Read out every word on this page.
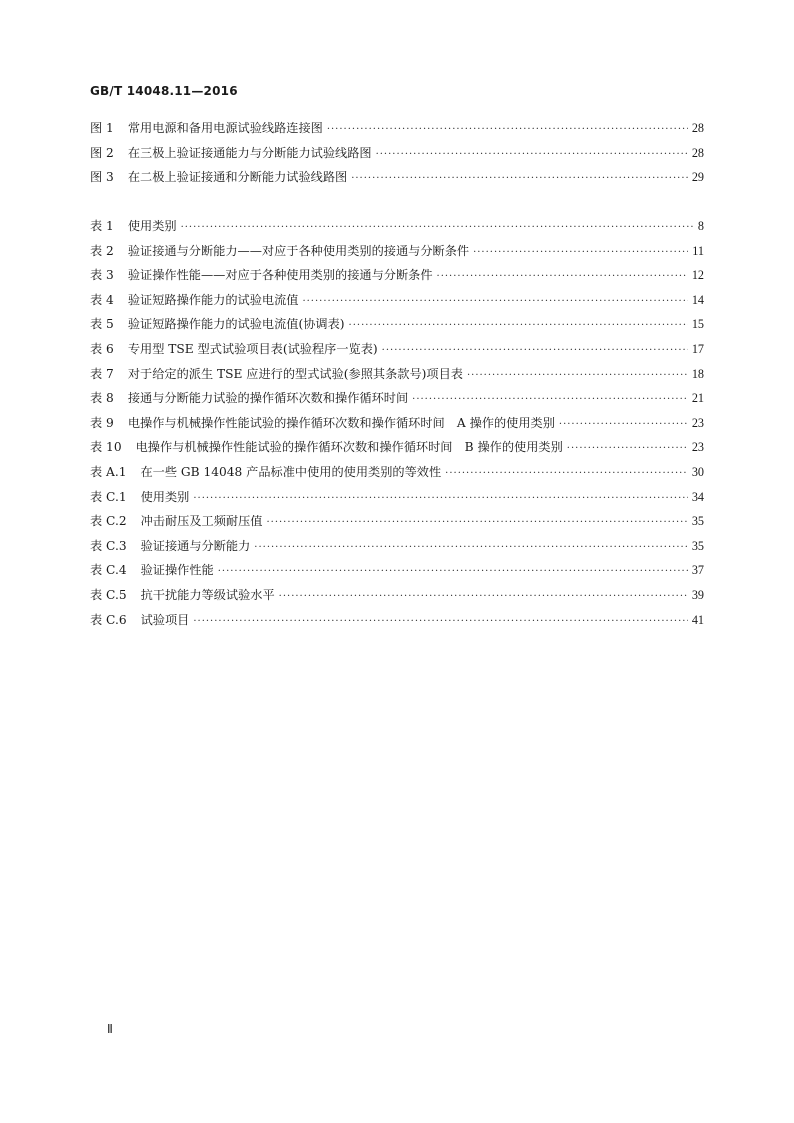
GB/T 14048.11—2016
图 1	常用电源和备用电源试验线路连接图 ·····	28
图 2	在三极上验证接通能力与分断能力试验线路图 ·····	28
图 3	在二极上验证接通和分断能力试验线路图 ·····	29
表 1	使用类别 ·····	8
表 2	验证接通与分断能力——对应于各种使用类别的接通与分断条件 ·····	11
表 3	验证操作性能——对应于各种使用类别的接通与分断条件 ·····	12
表 4	验证短路操作能力的试验电流值 ·····	14
表 5	验证短路操作能力的试验电流值(协调表) ·····	15
表 6	专用型 TSE 型式试验项目表(试验程序一览表) ·····	17
表 7	对于给定的派生 TSE 应进行的型式试验(参照其条款号)项目表 ·····	18
表 8	接通与分断能力试验的操作循环次数和操作循环时间 ·····	21
表 9	电操作与机械操作性能试验的操作循环次数和操作循环时间　A 操作的使用类别 ·····	23
表 10	电操作与机械操作性能试验的操作循环次数和操作循环时间　B 操作的使用类别 ·····	23
表 A.1	在一些 GB 14048 产品标准中使用的使用类别的等效性 ·····	30
表 C.1	使用类别 ·····	34
表 C.2	冲击耐压及工频耐压值 ·····	35
表 C.3	验证接通与分断能力 ·····	35
表 C.4	验证操作性能 ·····	37
表 C.5	抗干扰能力等级试验水平 ·····	39
表 C.6	试验项目 ·····	41
Ⅱ
